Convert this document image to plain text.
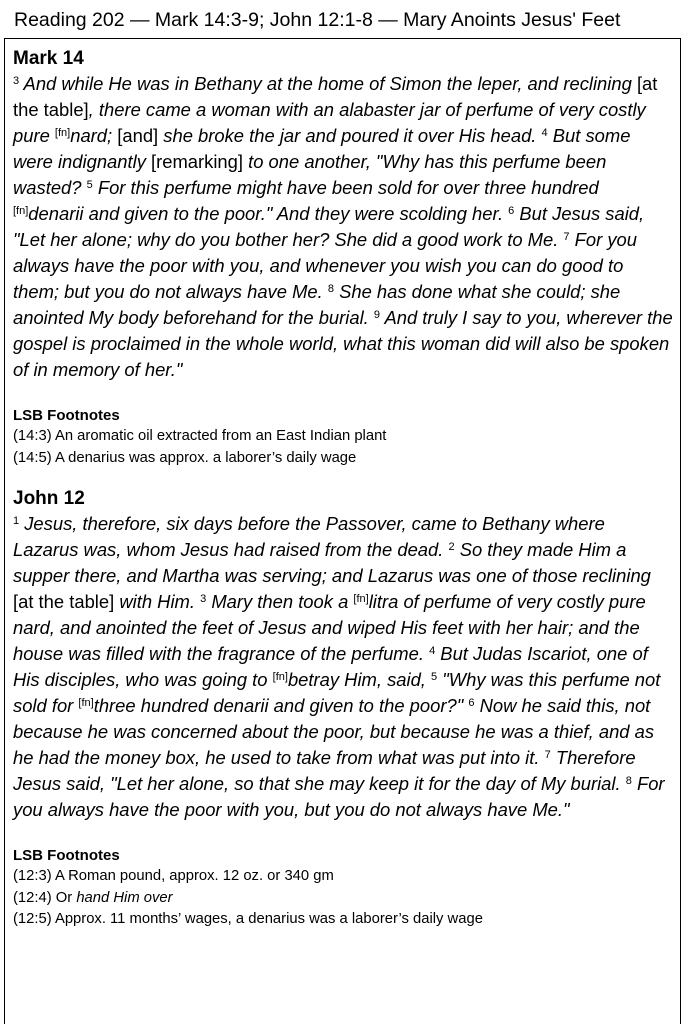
Reading 202 — Mark 14:3-9; John 12:1-8 — Mary Anoints Jesus' Feet
Mark 14

$^3$ And while He was in Bethany at the home of Simon the leper, and reclining [at the table], there came a woman with an alabaster jar of perfume of very costly pure [fn]nard; [and] she broke the jar and poured it over His head. $^4$ But some were indignantly [remarking] to one another, "Why has this perfume been wasted? $^5$ For this perfume might have been sold for over three hundred [fn]denarii and given to the poor." And they were scolding her. $^6$ But Jesus said, "Let her alone; why do you bother her? She did a good work to Me. $^7$ For you always have the poor with you, and whenever you wish you can do good to them; but you do not always have Me. $^8$ She has done what she could; she anointed My body beforehand for the burial. $^9$ And truly I say to you, wherever the gospel is proclaimed in the whole world, what this woman did will also be spoken of in memory of her."

LSB Footnotes
(14:3) An aromatic oil extracted from an East Indian plant
(14:5) A denarius was approx. a laborer’s daily wage
John 12

$^1$ Jesus, therefore, six days before the Passover, came to Bethany where Lazarus was, whom Jesus had raised from the dead. $^2$ So they made Him a supper there, and Martha was serving; and Lazarus was one of those reclining [at the table] with Him. $^3$ Mary then took a [fn]litra of perfume of very costly pure nard, and anointed the feet of Jesus and wiped His feet with her hair; and the house was filled with the fragrance of the perfume. $^4$ But Judas Iscariot, one of His disciples, who was going to [fn]betray Him, said, $^5$ "Why was this perfume not sold for [fn]three hundred denarii and given to the poor?" $^6$ Now he said this, not because he was concerned about the poor, but because he was a thief, and as he had the money box, he used to take from what was put into it. $^7$ Therefore Jesus said, "Let her alone, so that she may keep it for the day of My burial. $^8$ For you always have the poor with you, but you do not always have Me."

LSB Footnotes
(12:3) A Roman pound, approx. 12 oz. or 340 gm
(12:4) Or hand Him over
(12:5) Approx. 11 months’ wages, a denarius was a laborer’s daily wage
